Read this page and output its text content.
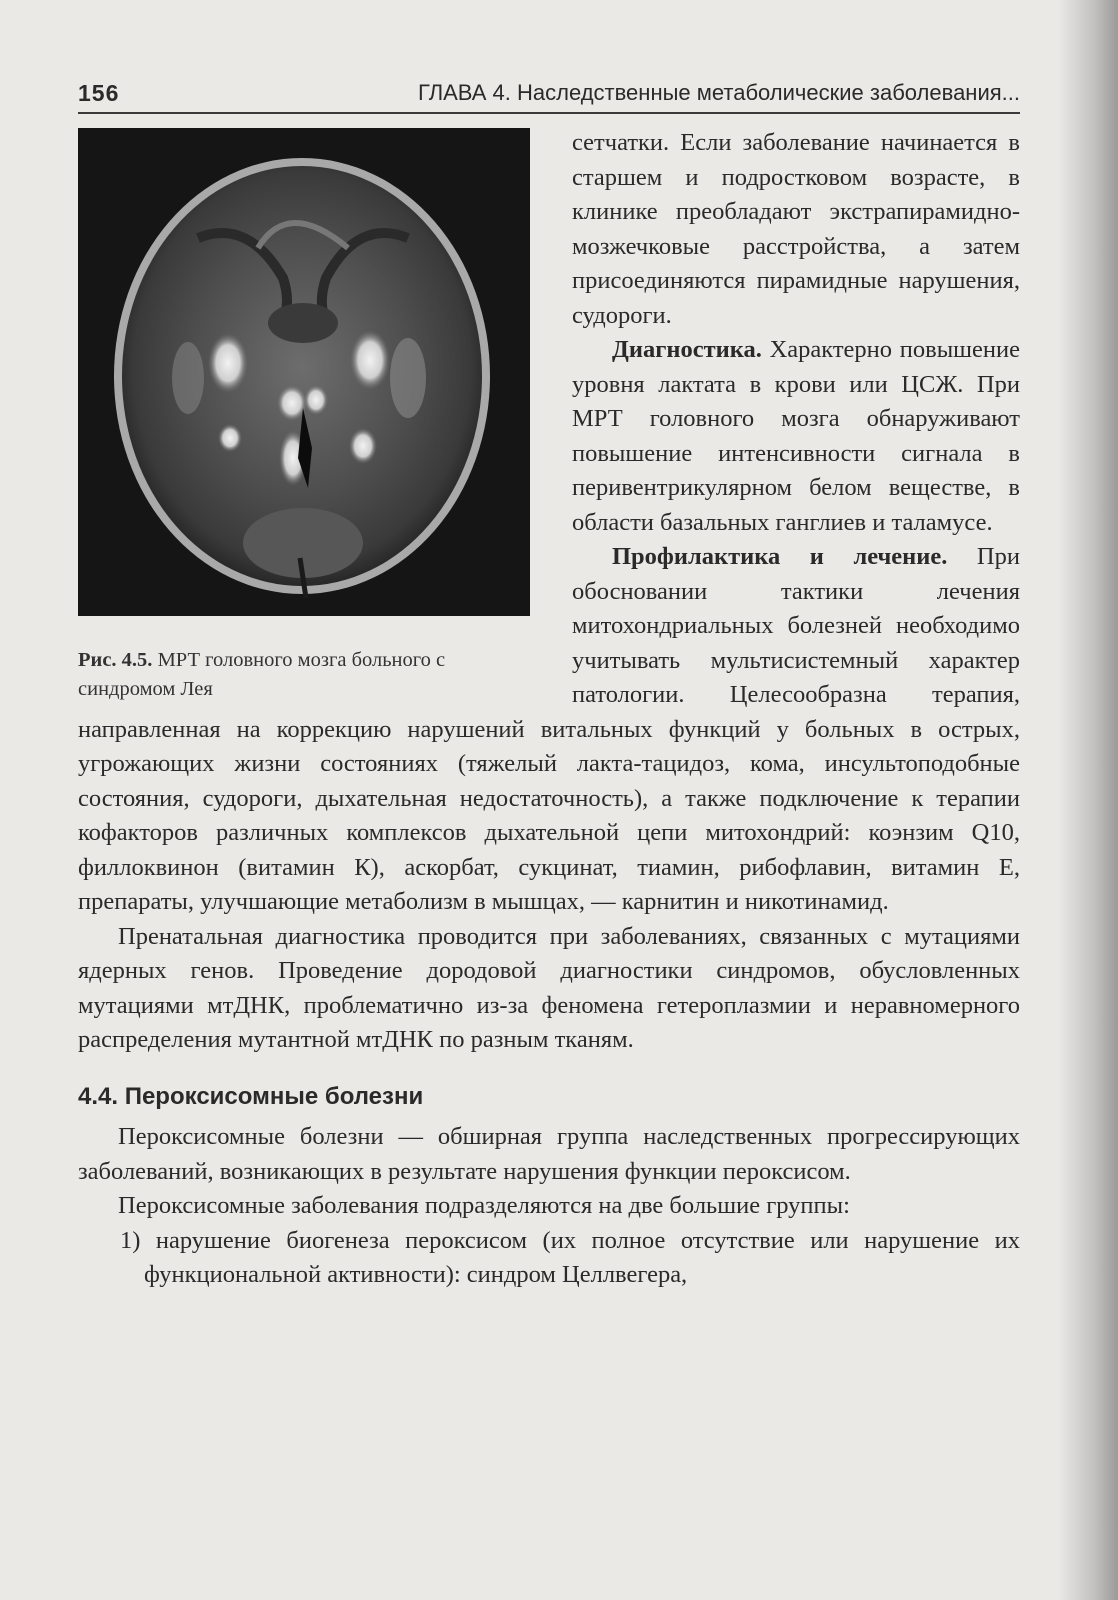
156	ГЛАВА 4. Наследственные метаболические заболевания...
Рис. 4.5. МРТ головного мозга больного с синдромом Лея

сетчатки. Если заболевание начинается в старшем и подростковом возрасте, в клинике преобладают экстрапирамидно-мозжечковые расстройства, а затем присоединяются пирамидные нарушения, судороги.

Диагностика. Характерно повышение уровня лактата в крови или ЦСЖ. При МРТ головного мозга обнаруживают повышение интенсивности сигнала в перивентрикулярном белом веществе, в области базальных ганглиев и таламусе.

Профилактика и лечение. При обосновании тактики лечения митохондриальных болезней необходимо учитывать мультисистемный характер патологии. Целесообразна терапия, направленная на коррекцию нарушений витальных функций у больных в острых, угрожающих жизни состояниях (тяжелый лакта-тацидоз, кома, инсультоподобные состояния, судороги, дыхательная недостаточность), а также подключение к терапии кофакторов различных комплексов дыхательной цепи митохондрий: коэнзим Q10, филлоквинон (витамин К), аскорбат, сукцинат, тиамин, рибофлавин, витамин Е, препараты, улучшающие метаболизм в мышцах, — карнитин и никотинамид.

Пренатальная диагностика проводится при заболеваниях, связанных с мутациями ядерных генов. Проведение дородовой диагностики синдромов, обусловленных мутациями мтДНК, проблематично из-за феномена гетероплазмии и неравномерного распределения мутантной мтДНК по разным тканям.

4.4. Пероксисомные болезни

Пероксисомные болезни — обширная группа наследственных прогрессирующих заболеваний, возникающих в результате нарушения функции пероксисом.

Пероксисомные заболевания подразделяются на две большие группы:

1) нарушение биогенеза пероксисом (их полное отсутствие или нарушение их функциональной активности): синдром Целлвегера,
